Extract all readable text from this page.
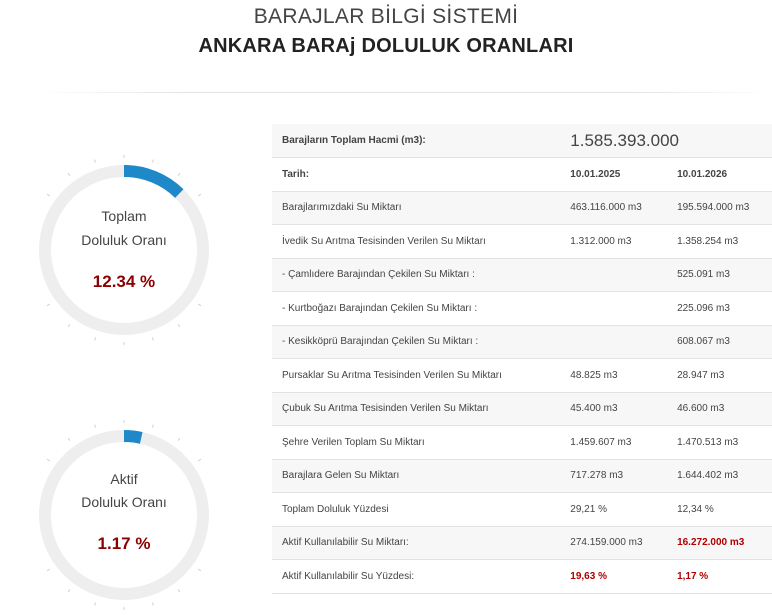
BARAJLAR BİLGİ SİSTEMİ
ANKARA BARAj DOLULUK ORANLARI
Toplam
Doluluk Oranı
12.34 %
Aktif
Doluluk Oranı
1.17 %
Barajların Toplam Hacmi (m3):	1.585.393.000	
Tarih:	10.01.2025	10.01.2026
Barajlarımızdaki Su Miktarı	463.116.000 m3	195.594.000 m3
İvedik Su Arıtma Tesisinden Verilen Su Miktarı	1.312.000 m3	1.358.254 m3
- Çamlıdere Barajından Çekilen Su Miktarı :		525.091 m3
- Kurtboğazı Barajından Çekilen Su Miktarı :		225.096 m3
- Kesikköprü Barajından Çekilen Su Miktarı :		608.067 m3
Pursaklar Su Arıtma Tesisinden Verilen Su Miktarı	48.825 m3	28.947 m3
Çubuk Su Arıtma Tesisinden Verilen Su Miktarı	45.400 m3	46.600 m3
Şehre Verilen Toplam Su Miktarı	1.459.607 m3	1.470.513 m3
Barajlara Gelen Su Miktarı	717.278 m3	1.644.402 m3
Toplam Doluluk Yüzdesi	29,21 %	12,34 %
Aktif Kullanılabilir Su Miktarı:	274.159.000 m3	16.272.000 m3
Aktif Kullanılabilir Su Yüzdesi:	19,63 %	1,17 %
